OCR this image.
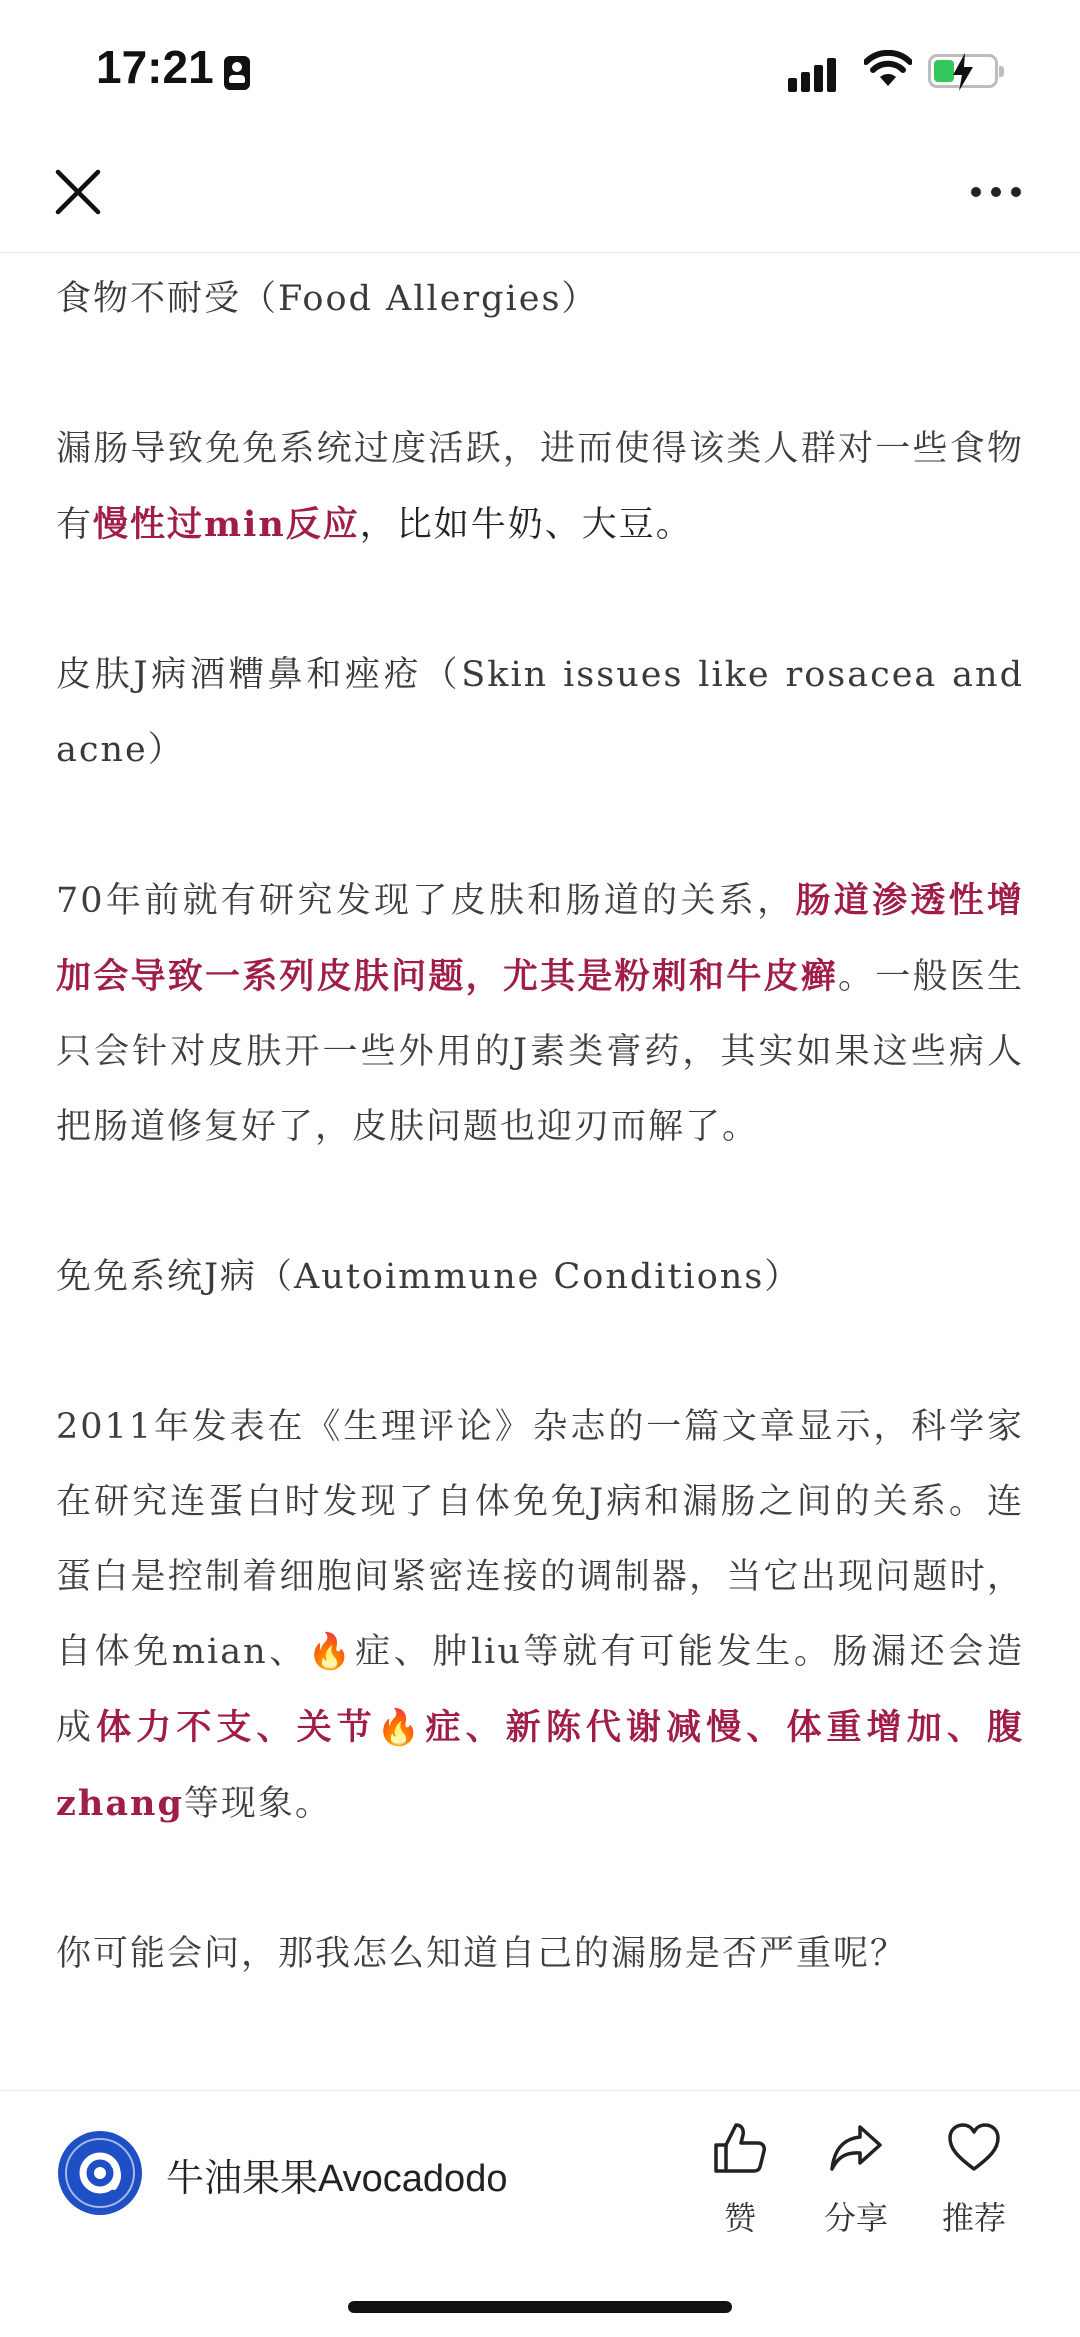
17:21

食物不耐受（Food Allergies）

漏肠导致免免系统过度活跃，进而使得该类人群对一些食物有慢性过min反应，比如牛奶、大豆。

皮肤J病酒糟鼻和痤疮（Skin issues like rosacea and acne）

70年前就有研究发现了皮肤和肠道的关系，肠道渗透性增加会导致一系列皮肤问题，尤其是粉刺和牛皮癣。一般医生只会针对皮肤开一些外用的J素类膏药，其实如果这些病人把肠道修复好了，皮肤问题也迎刃而解了。

免免系统J病（Autoimmune Conditions）

2011年发表在《生理评论》杂志的一篇文章显示，科学家在研究连蛋白时发现了自体免免J病和漏肠之间的关系。连蛋白是控制着细胞间紧密连接的调制器，当它出现问题时，自体免mian、🔥症、肿liu等就有可能发生。肠漏还会造成体力不支、关节🔥症、新陈代谢减慢、体重增加、腹zhang等现象。

你可能会问，那我怎么知道自己的漏肠是否严重呢？

牛油果果Avocadodo
赞	分享	推荐
